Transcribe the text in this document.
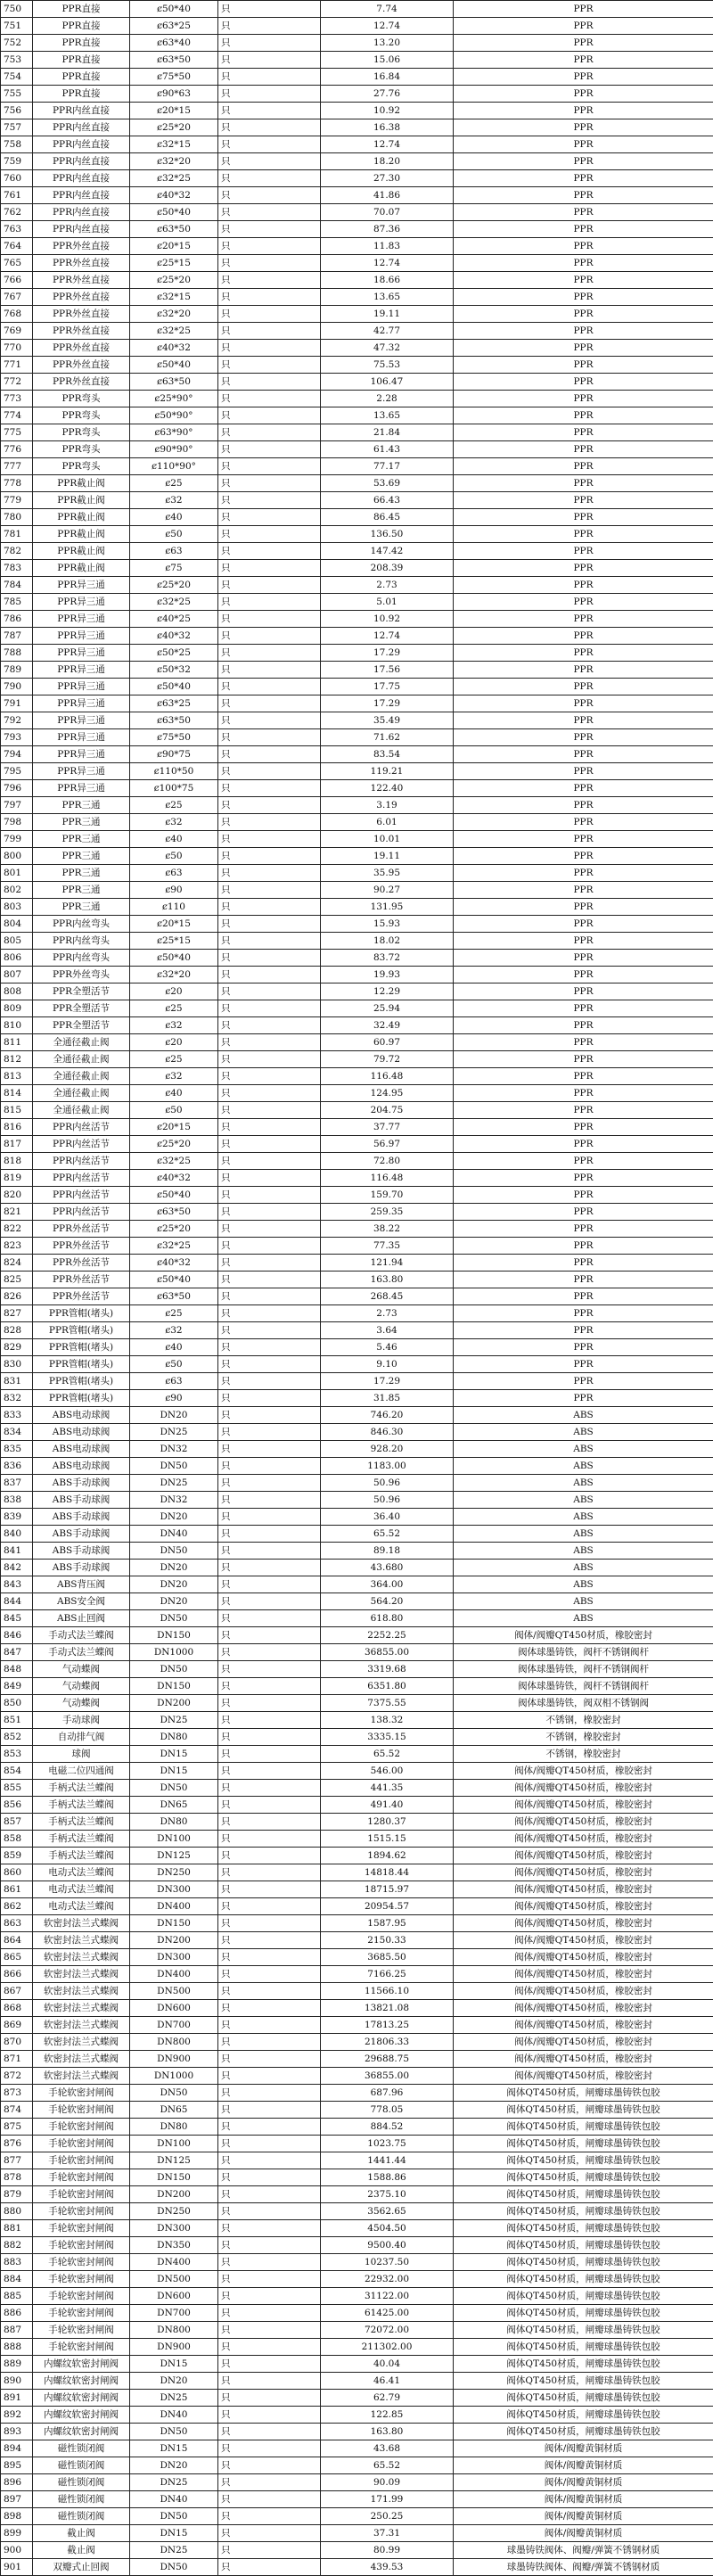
750	PPR直接	ȼ50*40	只	7.74	PPR
751	PPR直接	ȼ63*25	只	12.74	PPR
752	PPR直接	ȼ63*40	只	13.20	PPR
753	PPR直接	ȼ63*50	只	15.06	PPR
754	PPR直接	ȼ75*50	只	16.84	PPR
755	PPR直接	ȼ90*63	只	27.76	PPR
756	PPR内丝直接	ȼ20*15	只	10.92	PPR
757	PPR内丝直接	ȼ25*20	只	16.38	PPR
758	PPR内丝直接	ȼ32*15	只	12.74	PPR
759	PPR内丝直接	ȼ32*20	只	18.20	PPR
760	PPR内丝直接	ȼ32*25	只	27.30	PPR
761	PPR内丝直接	ȼ40*32	只	41.86	PPR
762	PPR内丝直接	ȼ50*40	只	70.07	PPR
763	PPR内丝直接	ȼ63*50	只	87.36	PPR
764	PPR外丝直接	ȼ20*15	只	11.83	PPR
765	PPR外丝直接	ȼ25*15	只	12.74	PPR
766	PPR外丝直接	ȼ25*20	只	18.66	PPR
767	PPR外丝直接	ȼ32*15	只	13.65	PPR
768	PPR外丝直接	ȼ32*20	只	19.11	PPR
769	PPR外丝直接	ȼ32*25	只	42.77	PPR
770	PPR外丝直接	ȼ40*32	只	47.32	PPR
771	PPR外丝直接	ȼ50*40	只	75.53	PPR
772	PPR外丝直接	ȼ63*50	只	106.47	PPR
773	PPR弯头	ȼ25*90°	只	2.28	PPR
774	PPR弯头	ȼ50*90°	只	13.65	PPR
775	PPR弯头	ȼ63*90°	只	21.84	PPR
776	PPR弯头	ȼ90*90°	只	61.43	PPR
777	PPR弯头	ȼ110*90°	只	77.17	PPR
778	PPR截止阀	ȼ25	只	53.69	PPR
779	PPR截止阀	ȼ32	只	66.43	PPR
780	PPR截止阀	ȼ40	只	86.45	PPR
781	PPR截止阀	ȼ50	只	136.50	PPR
782	PPR截止阀	ȼ63	只	147.42	PPR
783	PPR截止阀	ȼ75	只	208.39	PPR
784	PPR异三通	ȼ25*20	只	2.73	PPR
785	PPR异三通	ȼ32*25	只	5.01	PPR
786	PPR异三通	ȼ40*25	只	10.92	PPR
787	PPR异三通	ȼ40*32	只	12.74	PPR
788	PPR异三通	ȼ50*25	只	17.29	PPR
789	PPR异三通	ȼ50*32	只	17.56	PPR
790	PPR异三通	ȼ50*40	只	17.75	PPR
791	PPR异三通	ȼ63*25	只	17.29	PPR
792	PPR异三通	ȼ63*50	只	35.49	PPR
793	PPR异三通	ȼ75*50	只	71.62	PPR
794	PPR异三通	ȼ90*75	只	83.54	PPR
795	PPR异三通	ȼ110*50	只	119.21	PPR
796	PPR异三通	ȼ100*75	只	122.40	PPR
797	PPR三通	ȼ25	只	3.19	PPR
798	PPR三通	ȼ32	只	6.01	PPR
799	PPR三通	ȼ40	只	10.01	PPR
800	PPR三通	ȼ50	只	19.11	PPR
801	PPR三通	ȼ63	只	35.95	PPR
802	PPR三通	ȼ90	只	90.27	PPR
803	PPR三通	ȼ110	只	131.95	PPR
804	PPR内丝弯头	ȼ20*15	只	15.93	PPR
805	PPR内丝弯头	ȼ25*15	只	18.02	PPR
806	PPR内丝弯头	ȼ50*40	只	83.72	PPR
807	PPR外丝弯头	ȼ32*20	只	19.93	PPR
808	PPR全塑活节	ȼ20	只	12.29	PPR
809	PPR全塑活节	ȼ25	只	25.94	PPR
810	PPR全塑活节	ȼ32	只	32.49	PPR
811	全通径截止阀	ȼ20	只	60.97	PPR
812	全通径截止阀	ȼ25	只	79.72	PPR
813	全通径截止阀	ȼ32	只	116.48	PPR
814	全通径截止阀	ȼ40	只	124.95	PPR
815	全通径截止阀	ȼ50	只	204.75	PPR
816	PPR内丝活节	ȼ20*15	只	37.77	PPR
817	PPR内丝活节	ȼ25*20	只	56.97	PPR
818	PPR内丝活节	ȼ32*25	只	72.80	PPR
819	PPR内丝活节	ȼ40*32	只	116.48	PPR
820	PPR内丝活节	ȼ50*40	只	159.70	PPR
821	PPR内丝活节	ȼ63*50	只	259.35	PPR
822	PPR外丝活节	ȼ25*20	只	38.22	PPR
823	PPR外丝活节	ȼ32*25	只	77.35	PPR
824	PPR外丝活节	ȼ40*32	只	121.94	PPR
825	PPR外丝活节	ȼ50*40	只	163.80	PPR
826	PPR外丝活节	ȼ63*50	只	268.45	PPR
827	PPR管帽(堵头)	ȼ25	只	2.73	PPR
828	PPR管帽(堵头)	ȼ32	只	3.64	PPR
829	PPR管帽(堵头)	ȼ40	只	5.46	PPR
830	PPR管帽(堵头)	ȼ50	只	9.10	PPR
831	PPR管帽(堵头)	ȼ63	只	17.29	PPR
832	PPR管帽(堵头)	ȼ90	只	31.85	PPR
833	ABS电动球阀	DN20	只	746.20	ABS
834	ABS电动球阀	DN25	只	846.30	ABS
835	ABS电动球阀	DN32	只	928.20	ABS
836	ABS电动球阀	DN50	只	1183.00	ABS
837	ABS手动球阀	DN25	只	50.96	ABS
838	ABS手动球阀	DN32	只	50.96	ABS
839	ABS手动球阀	DN20	只	36.40	ABS
840	ABS手动球阀	DN40	只	65.52	ABS
841	ABS手动球阀	DN50	只	89.18	ABS
842	ABS手动球阀	DN20	只	43.680	ABS
843	ABS背压阀	DN20	只	364.00	ABS
844	ABS安全阀	DN20	只	564.20	ABS
845	ABS止回阀	DN50	只	618.80	ABS
846	手动式法兰蝶阀	DN150	只	2252.25	阀体/阀瓣QT450材质，橡胶密封
847	手动式法兰蝶阀	DN1000	只	36855.00	阀体球墨铸铁，阀杆不锈钢阀杆
848	气动蝶阀	DN50	只	3319.68	阀体球墨铸铁，阀杆不锈钢阀杆
849	气动蝶阀	DN150	只	6351.80	阀体球墨铸铁，阀杆不锈钢阀杆
850	气动蝶阀	DN200	只	7375.55	阀体球墨铸铁，阀双相不锈钢阀
851	手动球阀	DN25	只	138.32	不锈钢，橡胶密封
852	自动排气阀	DN80	只	3335.15	不锈钢，橡胶密封
853	球阀	DN15	只	65.52	不锈钢，橡胶密封
854	电磁二位四通阀	DN15	只	546.00	阀体/阀瓣QT450材质，橡胶密封
855	手柄式法兰蝶阀	DN50	只	441.35	阀体/阀瓣QT450材质，橡胶密封
856	手柄式法兰蝶阀	DN65	只	491.40	阀体/阀瓣QT450材质，橡胶密封
857	手柄式法兰蝶阀	DN80	只	1280.37	阀体/阀瓣QT450材质，橡胶密封
858	手柄式法兰蝶阀	DN100	只	1515.15	阀体/阀瓣QT450材质，橡胶密封
859	手柄式法兰蝶阀	DN125	只	1894.62	阀体/阀瓣QT450材质，橡胶密封
860	电动式法兰蝶阀	DN250	只	14818.44	阀体/阀瓣QT450材质，橡胶密封
861	电动式法兰蝶阀	DN300	只	18715.97	阀体/阀瓣QT450材质，橡胶密封
862	电动式法兰蝶阀	DN400	只	20954.57	阀体/阀瓣QT450材质，橡胶密封
863	软密封法兰式蝶阀	DN150	只	1587.95	阀体/阀瓣QT450材质，橡胶密封
864	软密封法兰式蝶阀	DN200	只	2150.33	阀体/阀瓣QT450材质，橡胶密封
865	软密封法兰式蝶阀	DN300	只	3685.50	阀体/阀瓣QT450材质，橡胶密封
866	软密封法兰式蝶阀	DN400	只	7166.25	阀体/阀瓣QT450材质，橡胶密封
867	软密封法兰式蝶阀	DN500	只	11566.10	阀体/阀瓣QT450材质，橡胶密封
868	软密封法兰式蝶阀	DN600	只	13821.08	阀体/阀瓣QT450材质，橡胶密封
869	软密封法兰式蝶阀	DN700	只	17813.25	阀体/阀瓣QT450材质，橡胶密封
870	软密封法兰式蝶阀	DN800	只	21806.33	阀体/阀瓣QT450材质，橡胶密封
871	软密封法兰式蝶阀	DN900	只	29688.75	阀体/阀瓣QT450材质，橡胶密封
872	软密封法兰式蝶阀	DN1000	只	36855.00	阀体/阀瓣QT450材质，橡胶密封
873	手轮软密封闸阀	DN50	只	687.96	阀体QT450材质，闸瓣球墨铸铁包胶
874	手轮软密封闸阀	DN65	只	778.05	阀体QT450材质，闸瓣球墨铸铁包胶
875	手轮软密封闸阀	DN80	只	884.52	阀体QT450材质，闸瓣球墨铸铁包胶
876	手轮软密封闸阀	DN100	只	1023.75	阀体QT450材质，闸瓣球墨铸铁包胶
877	手轮软密封闸阀	DN125	只	1441.44	阀体QT450材质，闸瓣球墨铸铁包胶
878	手轮软密封闸阀	DN150	只	1588.86	阀体QT450材质，闸瓣球墨铸铁包胶
879	手轮软密封闸阀	DN200	只	2375.10	阀体QT450材质，闸瓣球墨铸铁包胶
880	手轮软密封闸阀	DN250	只	3562.65	阀体QT450材质，闸瓣球墨铸铁包胶
881	手轮软密封闸阀	DN300	只	4504.50	阀体QT450材质，闸瓣球墨铸铁包胶
882	手轮软密封闸阀	DN350	只	9500.40	阀体QT450材质，闸瓣球墨铸铁包胶
883	手轮软密封闸阀	DN400	只	10237.50	阀体QT450材质，闸瓣球墨铸铁包胶
884	手轮软密封闸阀	DN500	只	22932.00	阀体QT450材质，闸瓣球墨铸铁包胶
885	手轮软密封闸阀	DN600	只	31122.00	阀体QT450材质，闸瓣球墨铸铁包胶
886	手轮软密封闸阀	DN700	只	61425.00	阀体QT450材质，闸瓣球墨铸铁包胶
887	手轮软密封闸阀	DN800	只	72072.00	阀体QT450材质，闸瓣球墨铸铁包胶
888	手轮软密封闸阀	DN900	只	211302.00	阀体QT450材质，闸瓣球墨铸铁包胶
889	内螺纹软密封闸阀	DN15	只	40.04	阀体QT450材质，闸瓣球墨铸铁包胶
890	内螺纹软密封闸阀	DN20	只	46.41	阀体QT450材质，闸瓣球墨铸铁包胶
891	内螺纹软密封闸阀	DN25	只	62.79	阀体QT450材质，闸瓣球墨铸铁包胶
892	内螺纹软密封闸阀	DN40	只	122.85	阀体QT450材质，闸瓣球墨铸铁包胶
893	内螺纹软密封闸阀	DN50	只	163.80	阀体QT450材质，闸瓣球墨铸铁包胶
894	磁性锁闭阀	DN15	只	43.68	阀体/阀瓣黄铜材质
895	磁性锁闭阀	DN20	只	65.52	阀体/阀瓣黄铜材质
896	磁性锁闭阀	DN25	只	90.09	阀体/阀瓣黄铜材质
897	磁性锁闭阀	DN40	只	171.99	阀体/阀瓣黄铜材质
898	磁性锁闭阀	DN50	只	250.25	阀体/阀瓣黄铜材质
899	截止阀	DN15	只	37.31	阀体/阀瓣黄铜材质
900	截止阀	DN25	只	80.99	球墨铸铁阀体、阀瓣/弹簧不锈钢材质
901	双瓣式止回阀	DN50	只	439.53	球墨铸铁阀体、阀瓣/弹簧不锈钢材质
